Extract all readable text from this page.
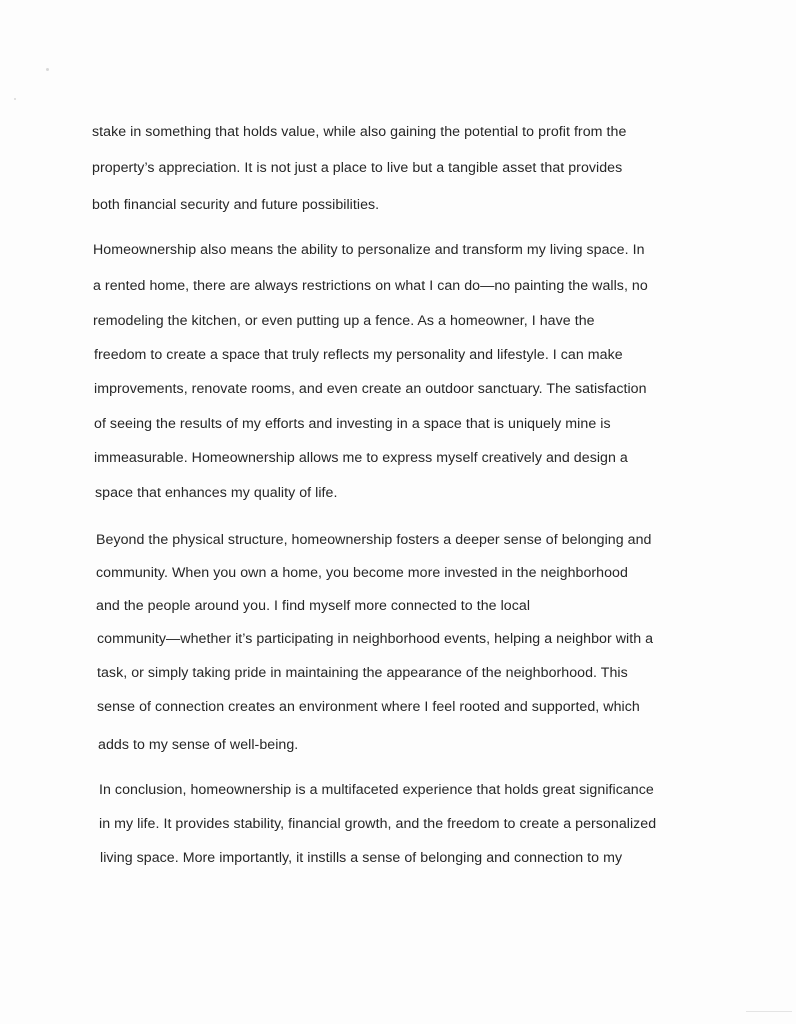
stake in something that holds value, while also gaining the potential to profit from the
property’s appreciation. It is not just a place to live but a tangible asset that provides
both financial security and future possibilities.
Homeownership also means the ability to personalize and transform my living space. In
a rented home, there are always restrictions on what I can do—no painting the walls, no
remodeling the kitchen, or even putting up a fence. As a homeowner, I have the
freedom to create a space that truly reflects my personality and lifestyle. I can make
improvements, renovate rooms, and even create an outdoor sanctuary. The satisfaction
of seeing the results of my efforts and investing in a space that is uniquely mine is
immeasurable. Homeownership allows me to express myself creatively and design a
space that enhances my quality of life.
Beyond the physical structure, homeownership fosters a deeper sense of belonging and
community. When you own a home, you become more invested in the neighborhood
and the people around you. I find myself more connected to the local
community—whether it’s participating in neighborhood events, helping a neighbor with a
task, or simply taking pride in maintaining the appearance of the neighborhood. This
sense of connection creates an environment where I feel rooted and supported, which
adds to my sense of well-being.
In conclusion, homeownership is a multifaceted experience that holds great significance
in my life. It provides stability, financial growth, and the freedom to create a personalized
living space. More importantly, it instills a sense of belonging and connection to my
